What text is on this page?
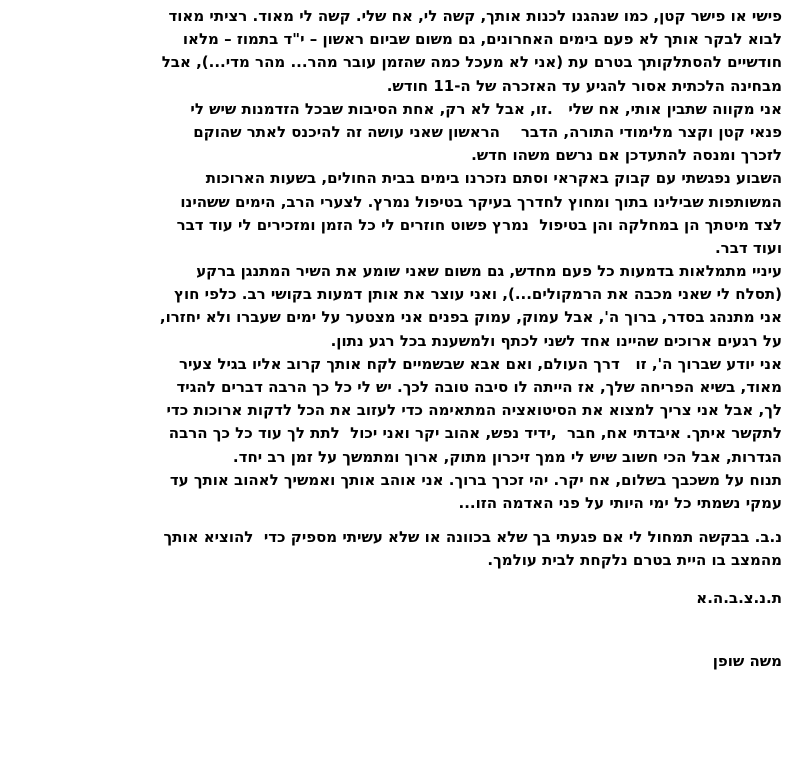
פישי או פישר קטן, כמו שנהגנו לכנות אותך, קשה לי, אח שלי. קשה לי מאוד. רציתי מאוד
לבוא לבקר אותך לא פעם בימים האחרונים, גם משום שביום ראשון – י"ד בתמוז – מלאו
חודשיים להסתלקותך בטרם עת (אני לא מעכל כמה שהזמן עובר מהר... מהר מדי...), אבל
מבחינה הלכתית אסור להגיע עד האזכרה של ה-11 חודש.
אני מקווה שתבין אותי, אח שלי   .זו, אבל לא רק, אחת הסיבות שבכל הזדמנות שיש לי
פנאי קטן וקצר מלימודי התורה, הדבר    הראשון שאני עושה זה להיכנס לאתר שהוקם
לזכרך ומנסה להתעדכן אם נרשם משהו חדש.
השבוע נפגשתי עם קבוק באקראי וסתם נזכרנו בימים בבית החולים, בשעות הארוכות
המשותפות שבילינו בתוך ומחוץ לחדרך בעיקר בטיפול נמרץ. לצערי הרב, הימים ששהינו
לצד מיטתך הן במחלקה והן בטיפול  נמרץ פשוט חוזרים לי כל הזמן ומזכירים לי עוד דבר
ועוד דבר.
עיניי מתמלאות בדמעות כל פעם מחדש, גם משום שאני שומע את השיר המתנגן ברקע
(תסלח לי שאני מכבה את הרמקולים...), ואני עוצר את אותן דמעות בקושי רב. כלפי חוץ
אני מתנהג בסדר, ברוך ה', אבל עמוק, עמוק בפנים אני מצטער על ימים שעברו ולא יחזרו,
על רגעים ארוכים שהיינו אחד לשני לכתף ולמשענת בכל רגע נתון.
אני יודע שברוך ה', זו   דרך העולם, ואם אבא שבשמיים לקח אותך קרוב אליו בגיל צעיר
מאוד, בשיא הפריחה שלך, אז הייתה לו סיבה טובה לכך. יש לי כל כך הרבה דברים להגיד
לך, אבל אני צריך למצוא את הסיטואציה המתאימה כדי לעזוב את הכל לדקות ארוכות כדי
לתקשר איתך. איבדתי אח, חבר  ,ידיד נפש, אהוב יקר ואני יכול  לתת לך עוד כל כך הרבה
הגדרות, אבל הכי חשוב שיש לי ממך זיכרון מתוק, ארוך ומתמשך על זמן רב יחד.
תנוח על משכבך בשלום, אח יקר. יהי זכרך ברוך. אני אוהב אותך ואמשיך לאהוב אותך עד
עמקי נשמתי כל ימי היותי על פני האדמה הזו...
נ.ב. בבקשה תמחול לי אם פגעתי בך שלא בכוונה או שלא עשיתי מספיק כדי  להוציא אותך
מהמצב בו היית בטרם נלקחת לבית עולמך.
ת.נ.צ.ב.ה.א
משה שופן
